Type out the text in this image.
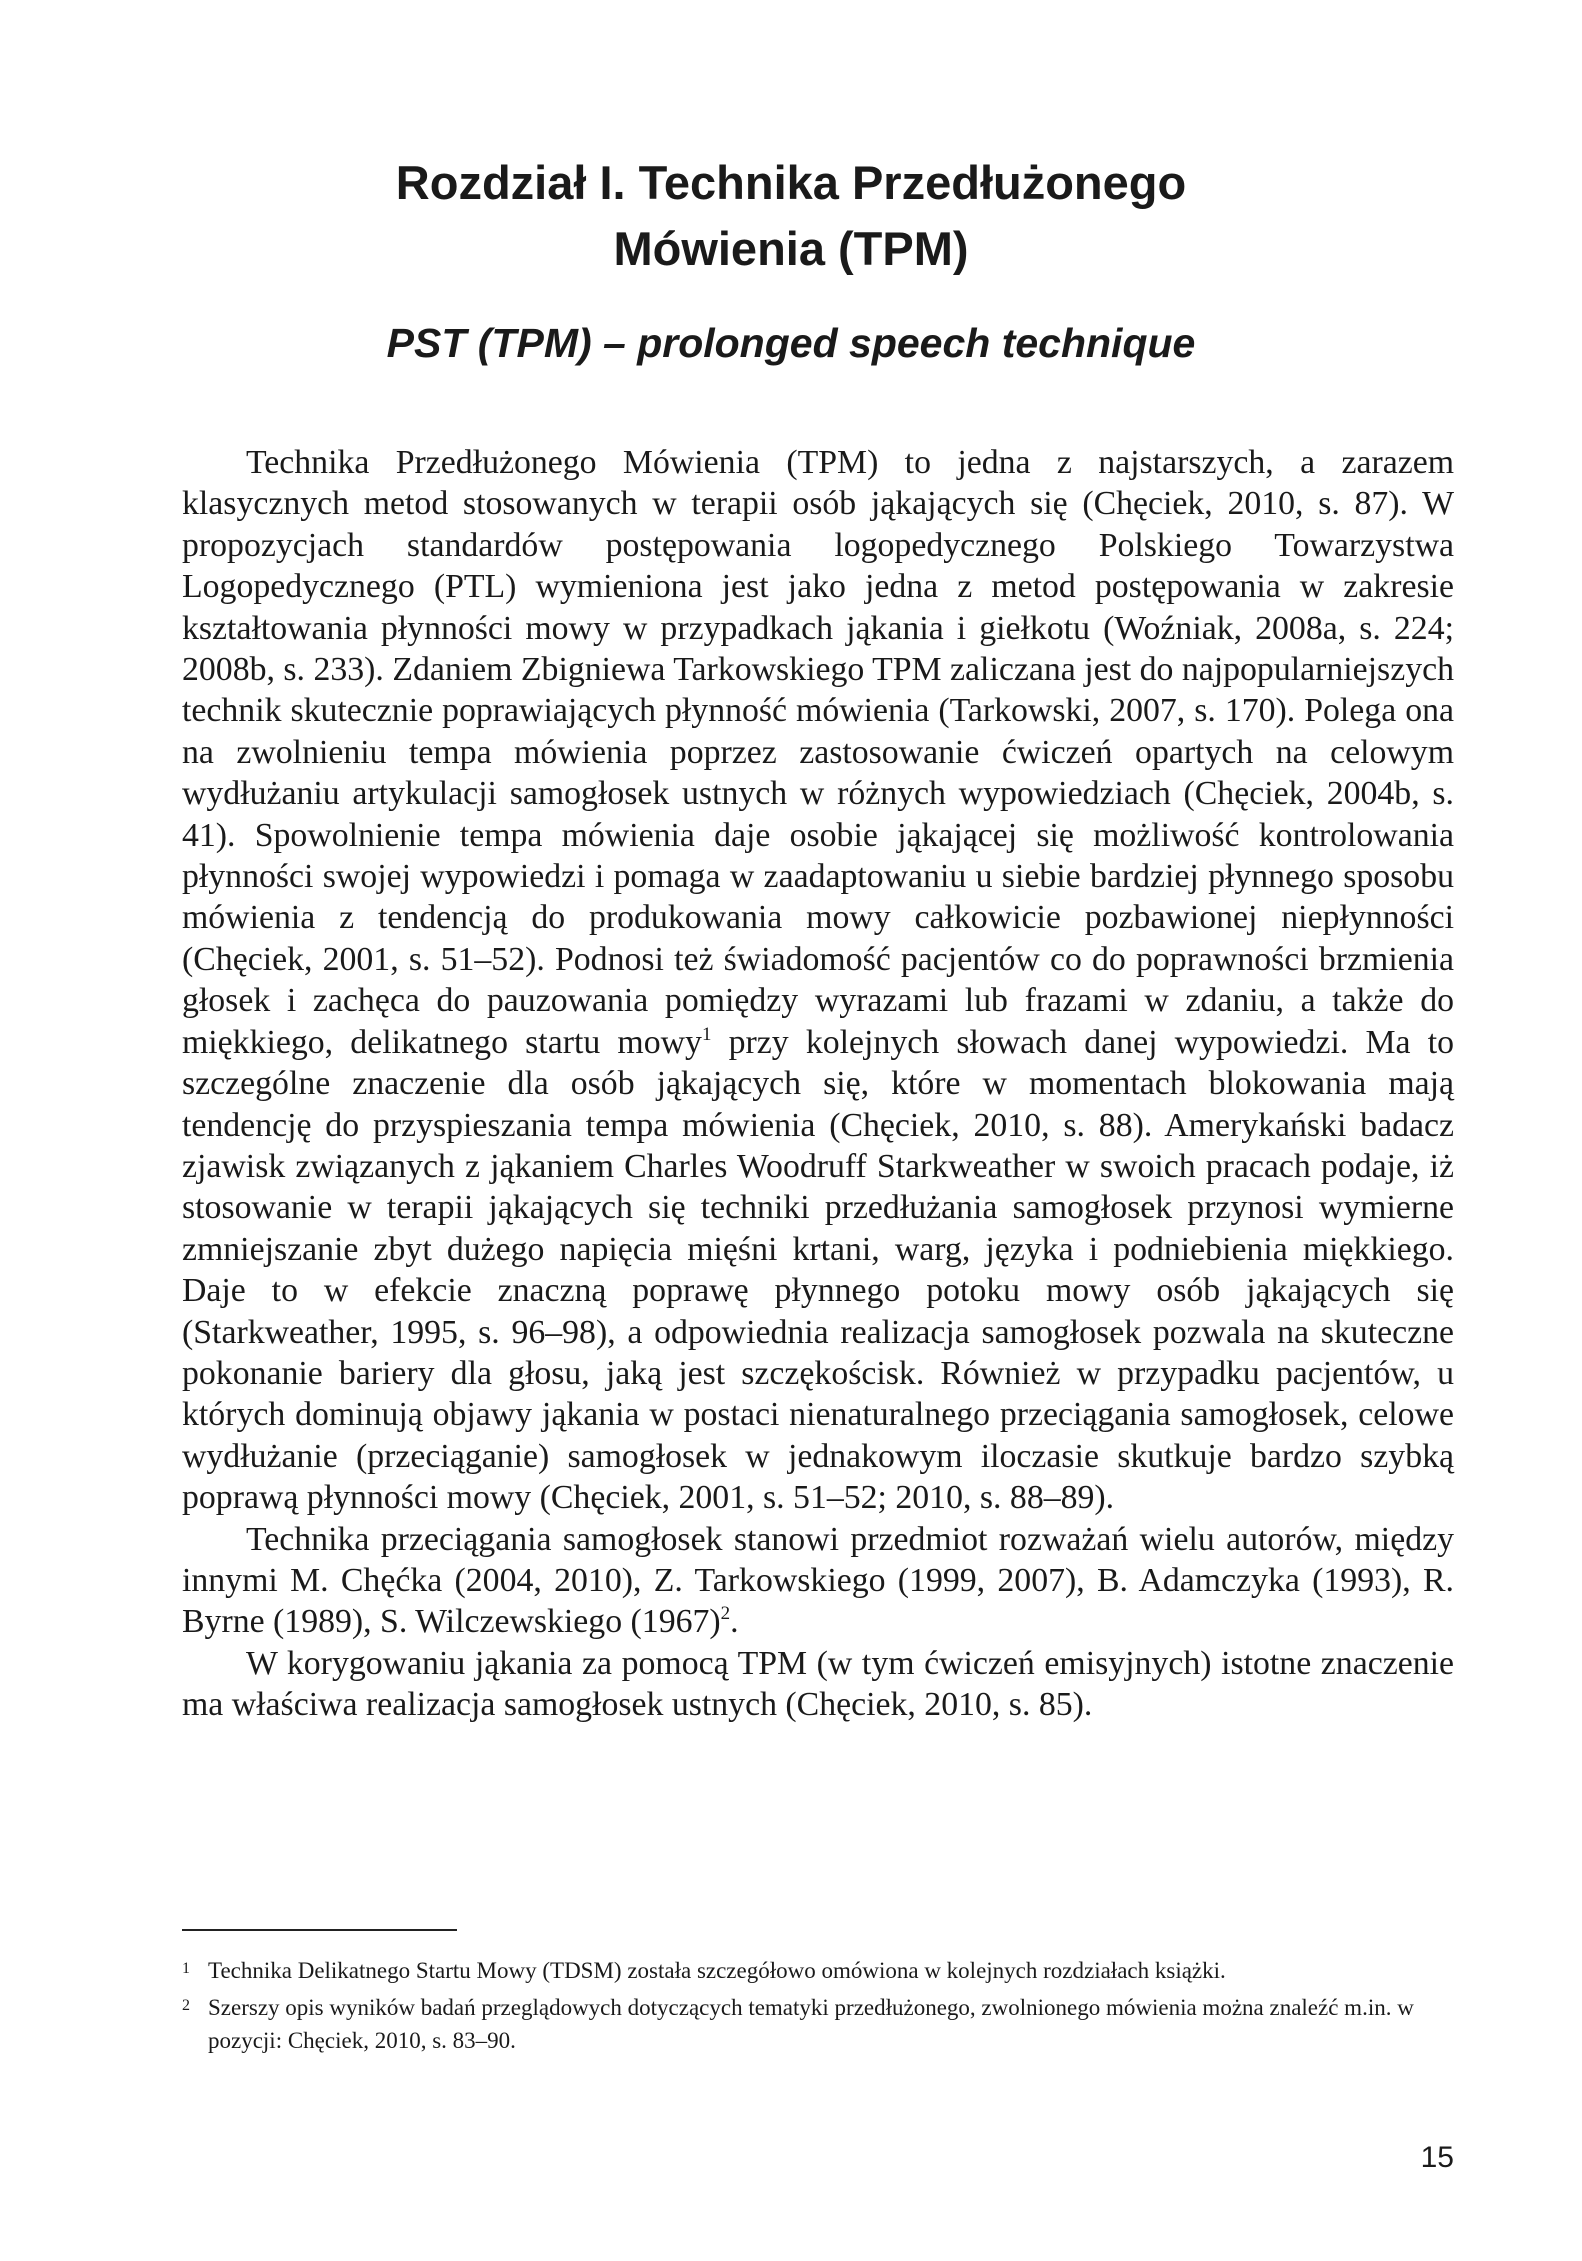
Rozdział I. Technika Przedłużonego
Mówienia (TPM)
PST (TPM) – prolonged speech technique

Technika Przedłużonego Mówienia (TPM) to jedna z najstarszych, a zarazem klasycznych metod stosowanych w terapii osób jąkających się (Chęciek, 2010, s. 87). W propozycjach standardów postępowania logopedycznego Polskiego Towarzystwa Logopedycznego (PTL) wymieniona jest jako jedna z metod postępowania w zakresie kształtowania płynności mowy w przypadkach jąkania i giełkotu (Woźniak, 2008a, s. 224; 2008b, s. 233). Zdaniem Zbigniewa Tarkowskiego TPM zaliczana jest do najpopularniejszych technik skutecznie poprawiających płynność mówienia (Tarkowski, 2007, s. 170). Polega ona na zwolnieniu tempa mówienia poprzez zastosowanie ćwiczeń opartych na celowym wydłużaniu artykulacji samogłosek ustnych w różnych wypowiedziach (Chęciek, 2004b, s. 41). Spowolnienie tempa mówienia daje osobie jąkającej się możliwość kontrolowania płynności swojej wypowiedzi i pomaga w zaadaptowaniu u siebie bardziej płynnego sposobu mówienia z tendencją do produkowania mowy całkowicie pozbawionej niepłynności (Chęciek, 2001, s. 51–52). Podnosi też świadomość pacjentów co do poprawności brzmienia głosek i zachęca do pauzowania pomiędzy wyrazami lub frazami w zdaniu, a także do miękkiego, delikatnego startu mowy$^1$ przy kolejnych słowach danej wypowiedzi. Ma to szczególne znaczenie dla osób jąkających się, które w momentach blokowania mają tendencję do przyspieszania tempa mówienia (Chęciek, 2010, s. 88). Amerykański badacz zjawisk związanych z jąkaniem Charles Woodruff Starkweather w swoich pracach podaje, iż stosowanie w terapii jąkających się techniki przedłużania samogłosek przynosi wymierne zmniejszanie zbyt dużego napięcia mięśni krtani, warg, języka i podniebienia miękkiego. Daje to w efekcie znaczną poprawę płynnego potoku mowy osób jąkających się (Starkweather, 1995, s. 96–98), a odpowiednia realizacja samogłosek pozwala na skuteczne pokonanie bariery dla głosu, jaką jest szczękościsk. Również w przypadku pacjentów, u których dominują objawy jąkania w postaci nienaturalnego przeciągania samogłosek, celowe wydłużanie (przeciąganie) samogłosek w jednakowym iloczasie skutkuje bardzo szybką poprawą płynności mowy (Chęciek, 2001, s. 51–52; 2010, s. 88–89).

Technika przeciągania samogłosek stanowi przedmiot rozważań wielu autorów, między innymi M. Chęćka (2004, 2010), Z. Tarkowskiego (1999, 2007), B. Adamczyka (1993), R. Byrne (1989), S. Wilczewskiego $(1967)^2$.

W korygowaniu jąkania za pomocą TPM (w tym ćwiczeń emisyjnych) istotne znaczenie ma właściwa realizacja samogłosek ustnych (Chęciek, 2010, s. 85).

1 Technika Delikatnego Startu Mowy (TDSM) została szczegółowo omówiona w kolejnych rozdziałach książki.
2 Szerszy opis wyników badań przeglądowych dotyczących tematyki przedłużonego, zwolnionego mówienia można znaleźć m.in. w pozycji: Chęciek, 2010, s. 83–90.
15
